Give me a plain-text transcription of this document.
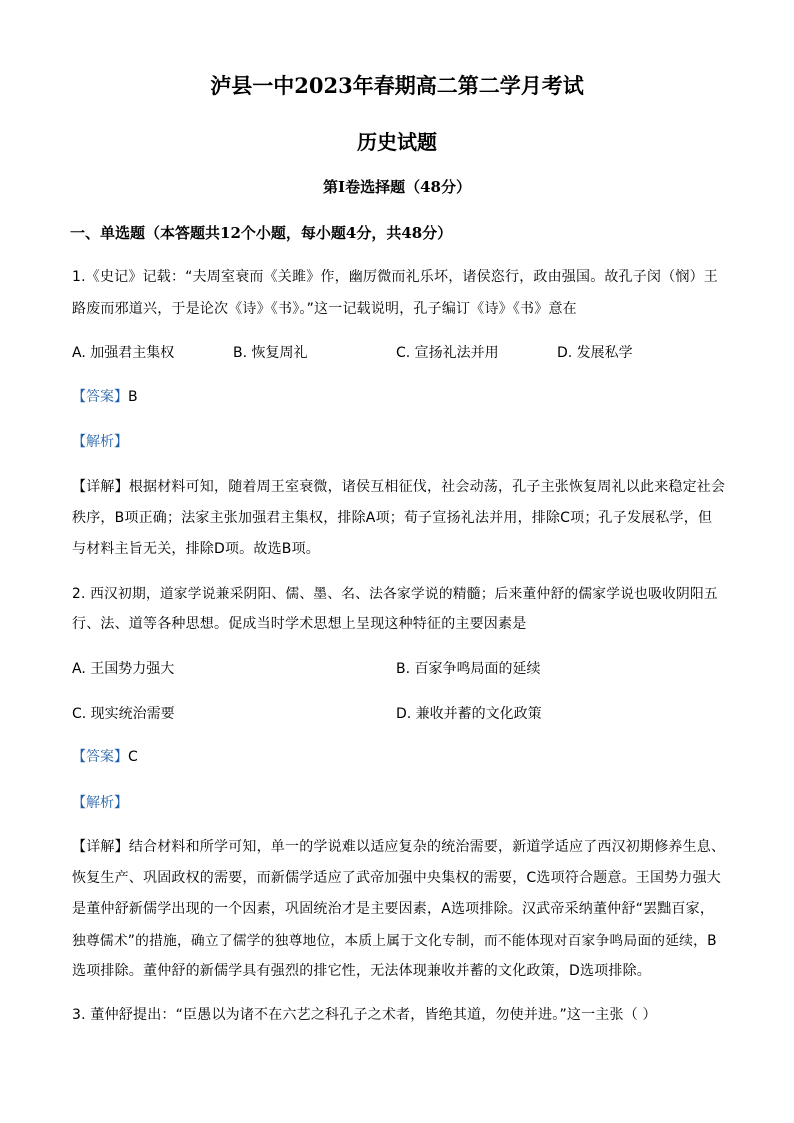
泸县一中2023年春期高二第二学月考试
历史试题
第I卷选择题（48分）
一、单选题（本答题共12个小题，每小题4分，共48分）
1.《史记》记载：“夫周室衰而《关雎》作，幽厉微而礼乐坏，诸侯恣行，政由强国。故孔子闵（悯）王
路废而邪道兴，于是论次《诗》《书》。”这一记载说明，孔子编订《诗》《书》意在
A. 加强君主集权	B. 恢复周礼	C. 宣扬礼法并用	D. 发展私学
【答案】B
【解析】
【详解】根据材料可知，随着周王室衰微，诸侯互相征伐，社会动荡，孔子主张恢复周礼以此来稳定社会
秩序，B项正确；法家主张加强君主集权，排除A项；荀子宣扬礼法并用，排除C项；孔子发展私学，但
与材料主旨无关，排除D项。故选B项。
2. 西汉初期，道家学说兼采阴阳、儒、墨、名、法各家学说的精髓；后来董仲舒的儒家学说也吸收阴阳五
行、法、道等各种思想。促成当时学术思想上呈现这种特征的主要因素是
A. 王国势力强大	B. 百家争鸣局面的延续
C. 现实统治需要	D. 兼收并蓄的文化政策
【答案】C
【解析】
【详解】结合材料和所学可知，单一的学说难以适应复杂的统治需要，新道学适应了西汉初期修养生息、
恢复生产、巩固政权的需要，而新儒学适应了武帝加强中央集权的需要，C选项符合题意。王国势力强大
是董仲舒新儒学出现的一个因素，巩固统治才是主要因素，A选项排除。汉武帝采纳董仲舒“罢黜百家，
独尊儒术”的措施，确立了儒学的独尊地位，本质上属于文化专制，而不能体现对百家争鸣局面的延续，B
选项排除。董仲舒的新儒学具有强烈的排它性，无法体现兼收并蓄的文化政策，D选项排除。
3. 董仲舒提出：“臣愚以为诸不在六艺之科孔子之术者，皆绝其道，勿使并进。”这一主张（ ）
